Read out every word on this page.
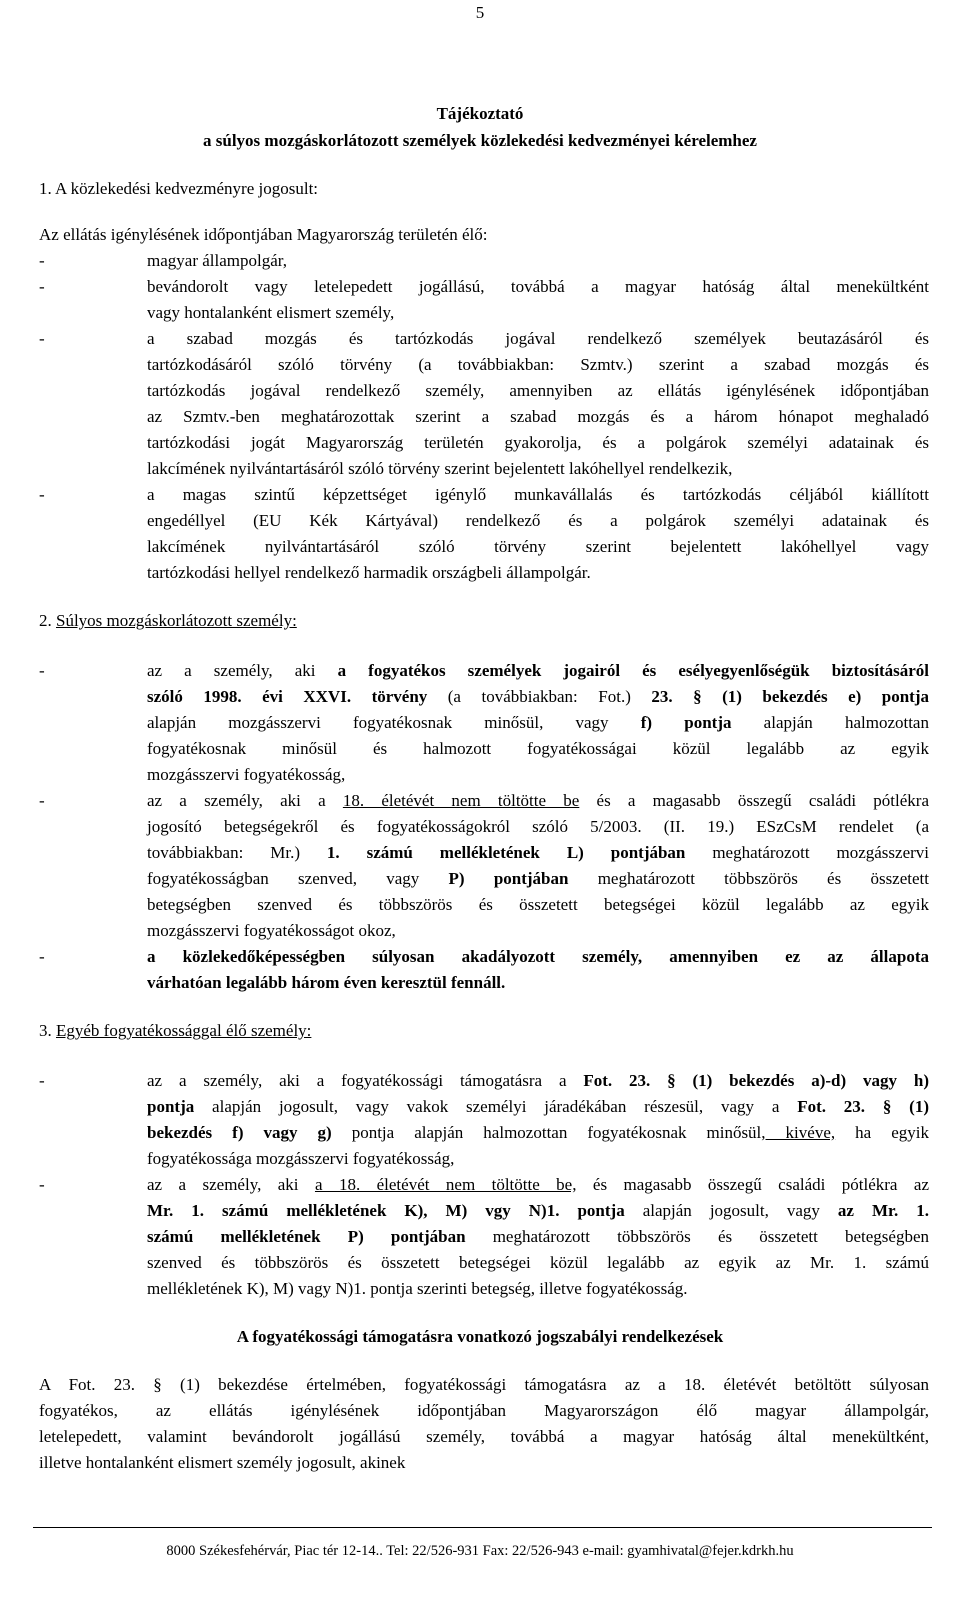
5
Tájékoztató
a súlyos mozgáskorlátozott személyek közlekedési kedvezményei kérelemhez
1. A közlekedési kedvezményre jogosult:
Az ellátás igénylésének időpontjában Magyarország területén élő:
-	magyar állampolgár,
-	bevándorolt vagy letelepedett jogállású, továbbá a magyar hatóság által menekültként
vagy hontalanként elismert személy,
-	a szabad mozgás és tartózkodás jogával rendelkező személyek beutazásáról és
tartózkodásáról szóló törvény (a továbbiakban: Szmtv.) szerint a szabad mozgás és
tartózkodás jogával rendelkező személy, amennyiben az ellátás igénylésének időpontjában
az Szmtv.-ben meghatározottak szerint a szabad mozgás és a három hónapot meghaladó
tartózkodási jogát Magyarország területén gyakorolja, és a polgárok személyi adatainak és
lakcímének nyilvántartásáról szóló törvény szerint bejelentett lakóhellyel rendelkezik,
-	a magas szintű képzettséget igénylő munkavállalás és tartózkodás céljából kiállított
engedéllyel (EU Kék Kártyával) rendelkező és a polgárok személyi adatainak és
lakcímének nyilvántartásáról szóló törvény szerint bejelentett lakóhellyel vagy
tartózkodási hellyel rendelkező harmadik országbeli állampolgár.
2. Súlyos mozgáskorlátozott személy:
-	az a személy, aki a fogyatékos személyek jogairól és esélyegyenlőségük biztosításáról
szóló 1998. évi XXVI. törvény (a továbbiakban: Fot.) 23. § (1) bekezdés e) pontja
alapján mozgásszervi fogyatékosnak minősül, vagy f) pontja alapján halmozottan
fogyatékosnak minősül és halmozott fogyatékosságai közül legalább az egyik
mozgásszervi fogyatékosság,
-	az a személy, aki a 18. életévét nem töltötte be és a magasabb összegű családi pótlékra
jogosító betegségekről és fogyatékosságokról szóló 5/2003. (II. 19.) ESzCsM rendelet (a
továbbiakban: Mr.) 1. számú mellékletének L) pontjában meghatározott mozgásszervi
fogyatékosságban szenved, vagy P) pontjában meghatározott többszörös és összetett
betegségben szenved és többszörös és összetett betegségei közül legalább az egyik
mozgásszervi fogyatékosságot okoz,
-	a közlekedőképességben súlyosan akadályozott személy, amennyiben ez az állapota
várhatóan legalább három éven keresztül fennáll.
3. Egyéb fogyatékossággal élő személy:
-	az a személy, aki a fogyatékossági támogatásra a Fot. 23. § (1) bekezdés a)-d) vagy h)
pontja alapján jogosult, vagy vakok személyi járadékában részesül, vagy a Fot. 23. § (1)
bekezdés f) vagy g) pontja alapján halmozottan fogyatékosnak minősül, kivéve, ha egyik
fogyatékossága mozgásszervi fogyatékosság,
-	az a személy, aki a 18. életévét nem töltötte be, és magasabb összegű családi pótlékra az
Mr. 1. számú mellékletének K), M) vgy N)1. pontja alapján jogosult, vagy az Mr. 1.
számú mellékletének P) pontjában meghatározott többszörös és összetett betegségben
szenved és többszörös és összetett betegségei közül legalább az egyik az Mr. 1. számú
mellékletének K), M) vagy N)1. pontja szerinti betegség, illetve fogyatékosság.
A fogyatékossági támogatásra vonatkozó jogszabályi rendelkezések
A Fot. 23. § (1) bekezdése értelmében, fogyatékossági támogatásra az a 18. életévét betöltött súlyosan
fogyatékos, az ellátás igénylésének időpontjában Magyarországon élő magyar állampolgár,
letelepedett, valamint bevándorolt jogállású személy, továbbá a magyar hatóság által menekültként,
illetve hontalanként elismert személy jogosult, akinek
8000 Székesfehérvár, Piac tér 12-14.. Tel: 22/526-931 Fax: 22/526-943 e-mail: gyamhivatal@fejer.kdrkh.hu
